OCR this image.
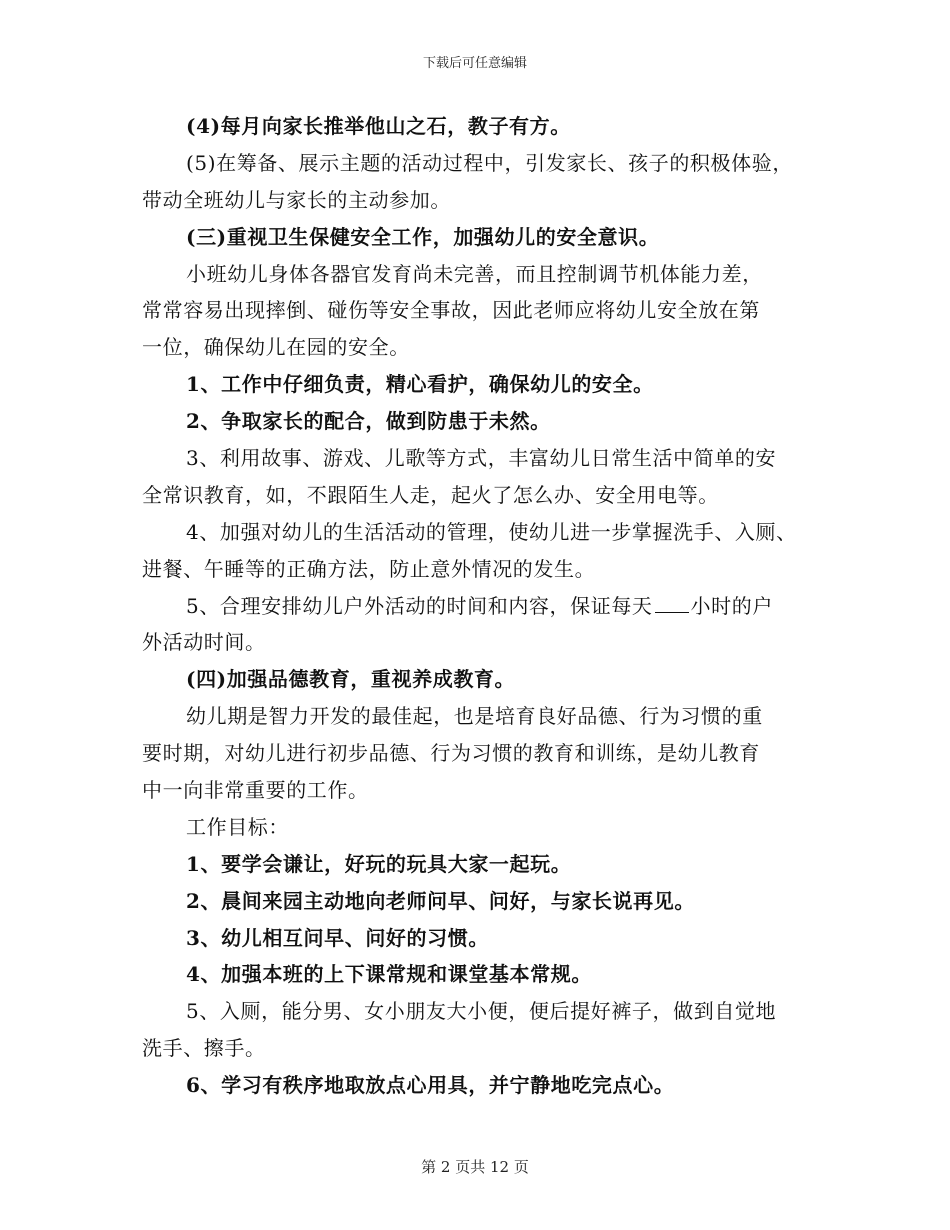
下载后可任意编辑
(4)每月向家长推举他山之石，教子有方。
(5)在筹备、展示主题的活动过程中，引发家长、孩子的积极体验，
带动全班幼儿与家长的主动参加。
(三)重视卫生保健安全工作，加强幼儿的安全意识。
小班幼儿身体各器官发育尚未完善，而且控制调节机体能力差，
常常容易出现摔倒、碰伤等安全事故，因此老师应将幼儿安全放在第
一位，确保幼儿在园的安全。
1、工作中仔细负责，精心看护，确保幼儿的安全。
2、争取家长的配合，做到防患于未然。
3、利用故事、游戏、儿歌等方式，丰富幼儿日常生活中简单的安
全常识教育，如，不跟陌生人走，起火了怎么办、安全用电等。
4、加强对幼儿的生活活动的管理，使幼儿进一步掌握洗手、入厕、
进餐、午睡等的正确方法，防止意外情况的发生。
5、合理安排幼儿户外活动的时间和内容，保证每天 小时的户
外活动时间。
(四)加强品德教育，重视养成教育。
幼儿期是智力开发的最佳起，也是培育良好品德、行为习惯的重
要时期，对幼儿进行初步品德、行为习惯的教育和训练，是幼儿教育
中一向非常重要的工作。
工作目标：
1、要学会谦让，好玩的玩具大家一起玩。
2、晨间来园主动地向老师问早、问好，与家长说再见。
3、幼儿相互问早、问好的习惯。
4、加强本班的上下课常规和课堂基本常规。
5、入厕，能分男、女小朋友大小便，便后提好裤子，做到自觉地
洗手、擦手。
6、学习有秩序地取放点心用具，并宁静地吃完点心。
第 2 页共 12 页
